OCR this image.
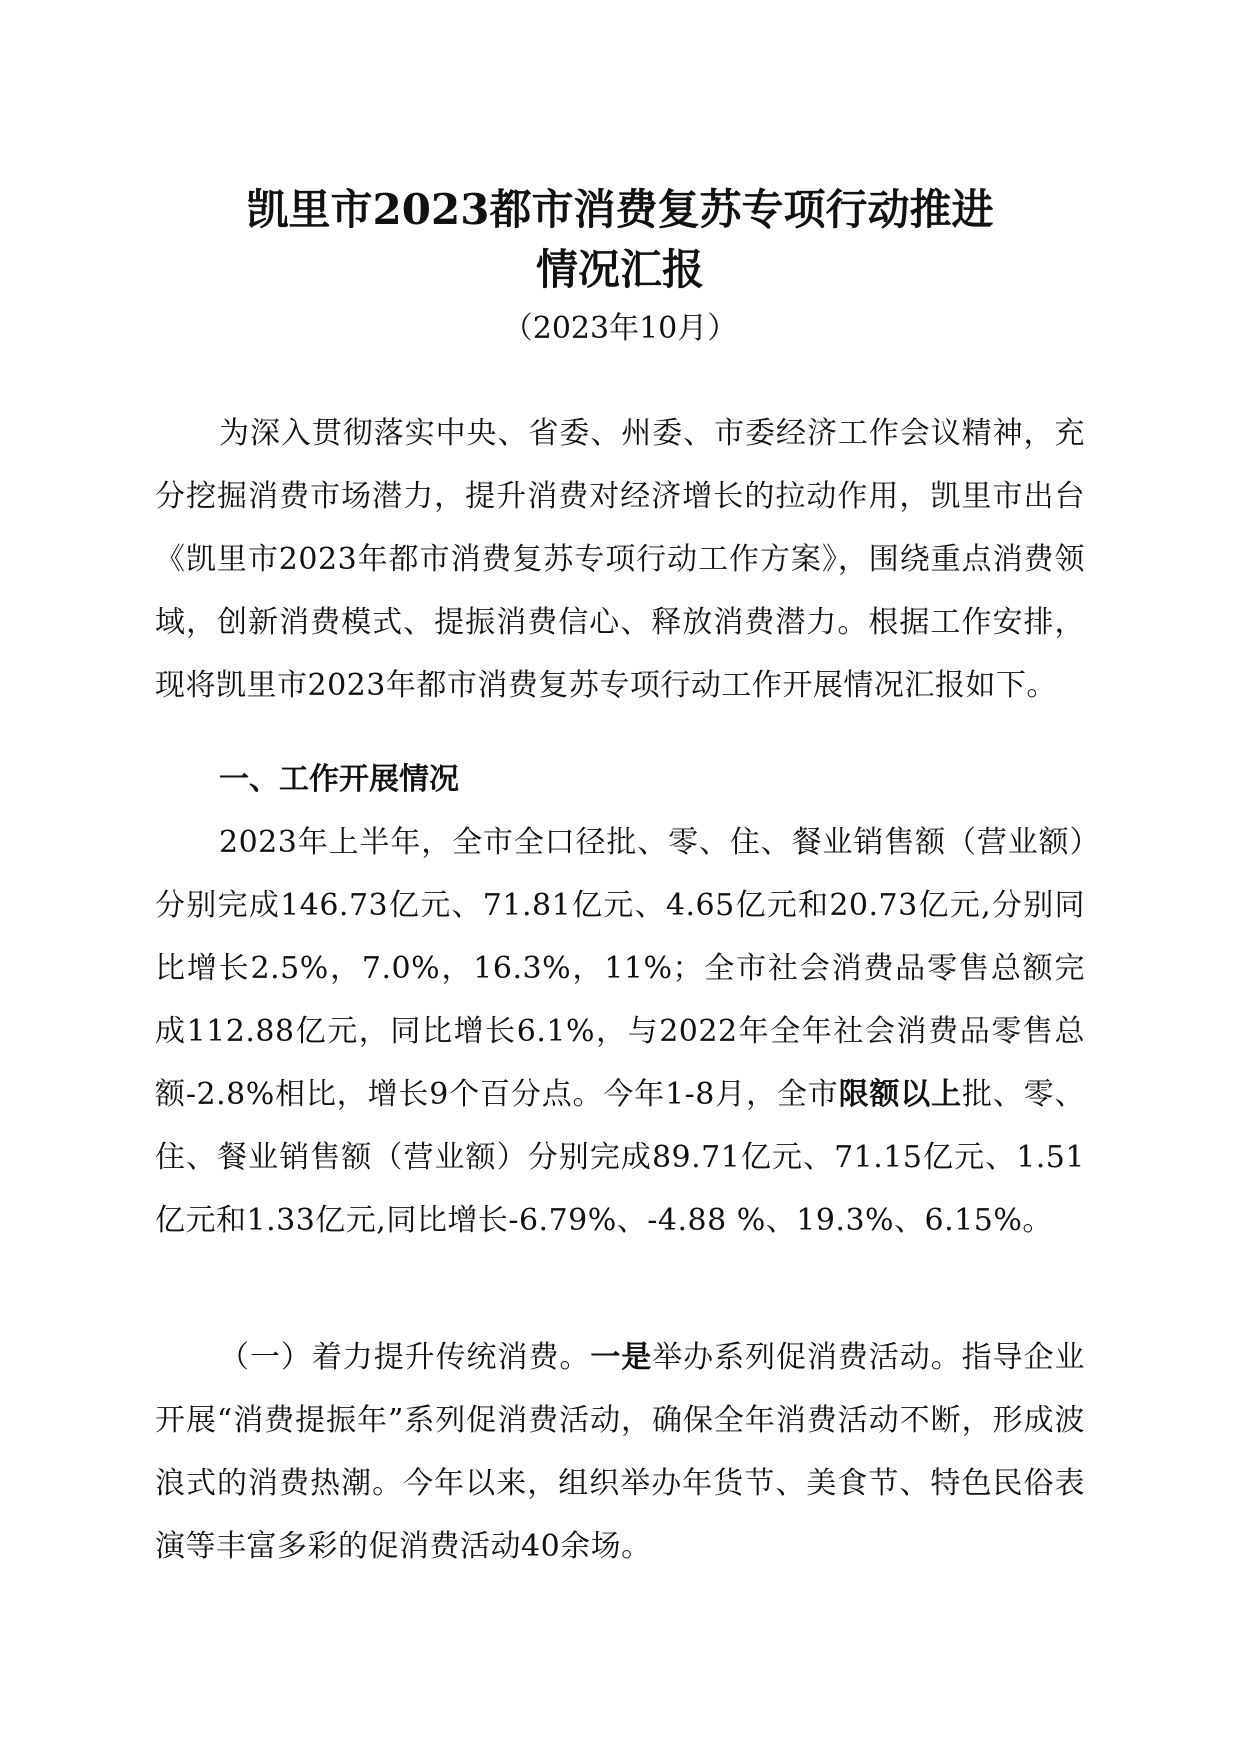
凯里市2023都市消费复苏专项行动推进
情况汇报
（2023年10月）

为深入贯彻落实中央、省委、州委、市委经济工作会议精神，充分挖掘消费市场潜力，提升消费对经济增长的拉动作用，凯里市出台《凯里市2023年都市消费复苏专项行动工作方案》，围绕重点消费领域，创新消费模式、提振消费信心、释放消费潜力。根据工作安排，现将凯里市2023年都市消费复苏专项行动工作开展情况汇报如下。

一、工作开展情况

2023年上半年，全市全口径批、零、住、餐业销售额（营业额）分别完成146.73亿元、71.81亿元、4.65亿元和20.73亿元,分别同比增长2.5%，7.0%，16.3%，11%；全市社会消费品零售总额完成112.88亿元，同比增长6.1%，与2022年全年社会消费品零售总额-2.8%相比，增长9个百分点。今年1-8月，全市限额以上批、零、住、餐业销售额（营业额）分别完成89.71亿元、71.15亿元、1.51亿元和1.33亿元,同比增长-6.79%、-4.88 %、19.3%、6.15%。

（一）着力提升传统消费。一是举办系列促消费活动。指导企业开展“消费提振年”系列促消费活动，确保全年消费活动不断，形成波浪式的消费热潮。今年以来，组织举办年货节、美食节、特色民俗表演等丰富多彩的促消费活动40余场。
